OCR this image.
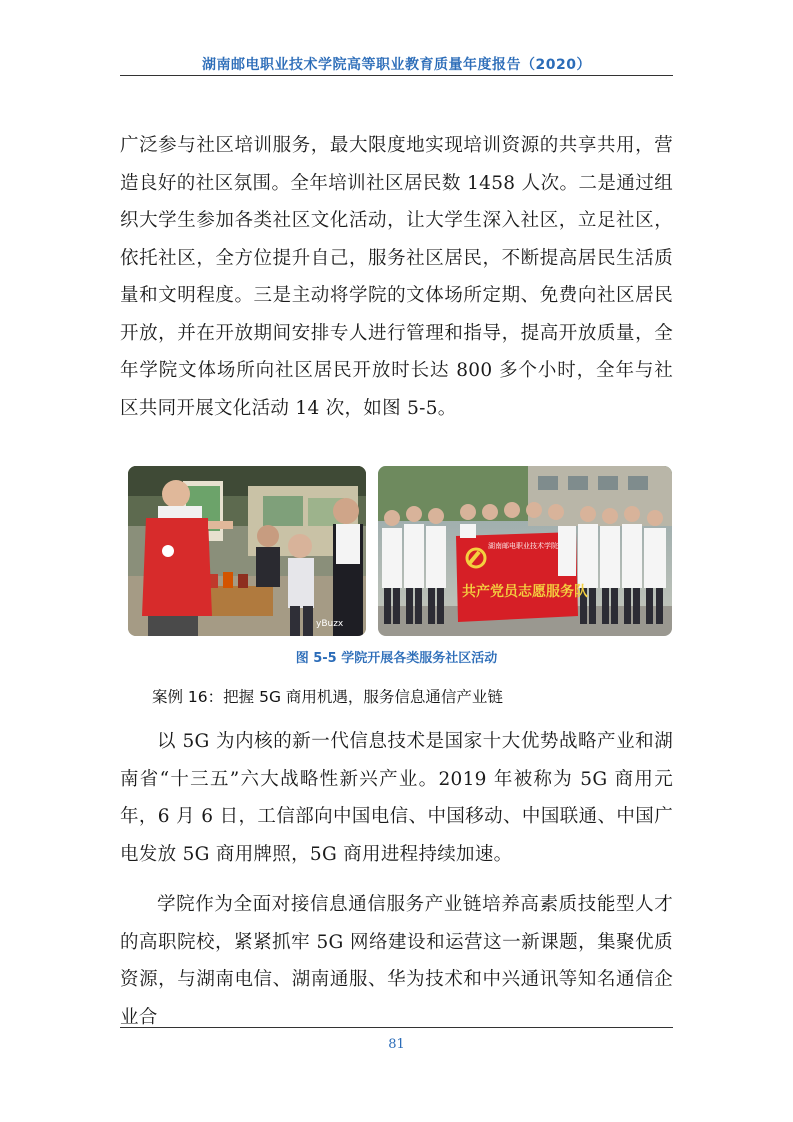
湖南邮电职业技术学院高等职业教育质量年度报告（2020）

广泛参与社区培训服务，最大限度地实现培训资源的共享共用，营造良好的社区氛围。全年培训社区居民数 1458 人次。二是通过组织大学生参加各类社区文化活动，让大学生深入社区，立足社区，依托社区，全方位提升自己，服务社区居民，不断提高居民生活质量和文明程度。三是主动将学院的文体场所定期、免费向社区居民开放，并在开放期间安排专人进行管理和指导，提高开放质量，全年学院文体场所向社区居民开放时长达 800 多个小时，全年与社区共同开展文化活动 14 次，如图 5-5。

yBuzx
湖南邮电职业技术学院
共产党员志愿服务队
图 5-5 学院开展各类服务社区活动
案例 16：把握 5G 商用机遇，服务信息通信产业链

以 5G 为内核的新一代信息技术是国家十大优势战略产业和湖南省“十三五”六大战略性新兴产业。2019 年被称为 5G 商用元年，6 月 6 日，工信部向中国电信、中国移动、中国联通、中国广电发放 5G 商用牌照，5G 商用进程持续加速。

学院作为全面对接信息通信服务产业链培养高素质技能型人才的高职院校，紧紧抓牢 5G 网络建设和运营这一新课题，集聚优质资源，与湖南电信、湖南通服、华为技术和中兴通讯等知名通信企业合

81
